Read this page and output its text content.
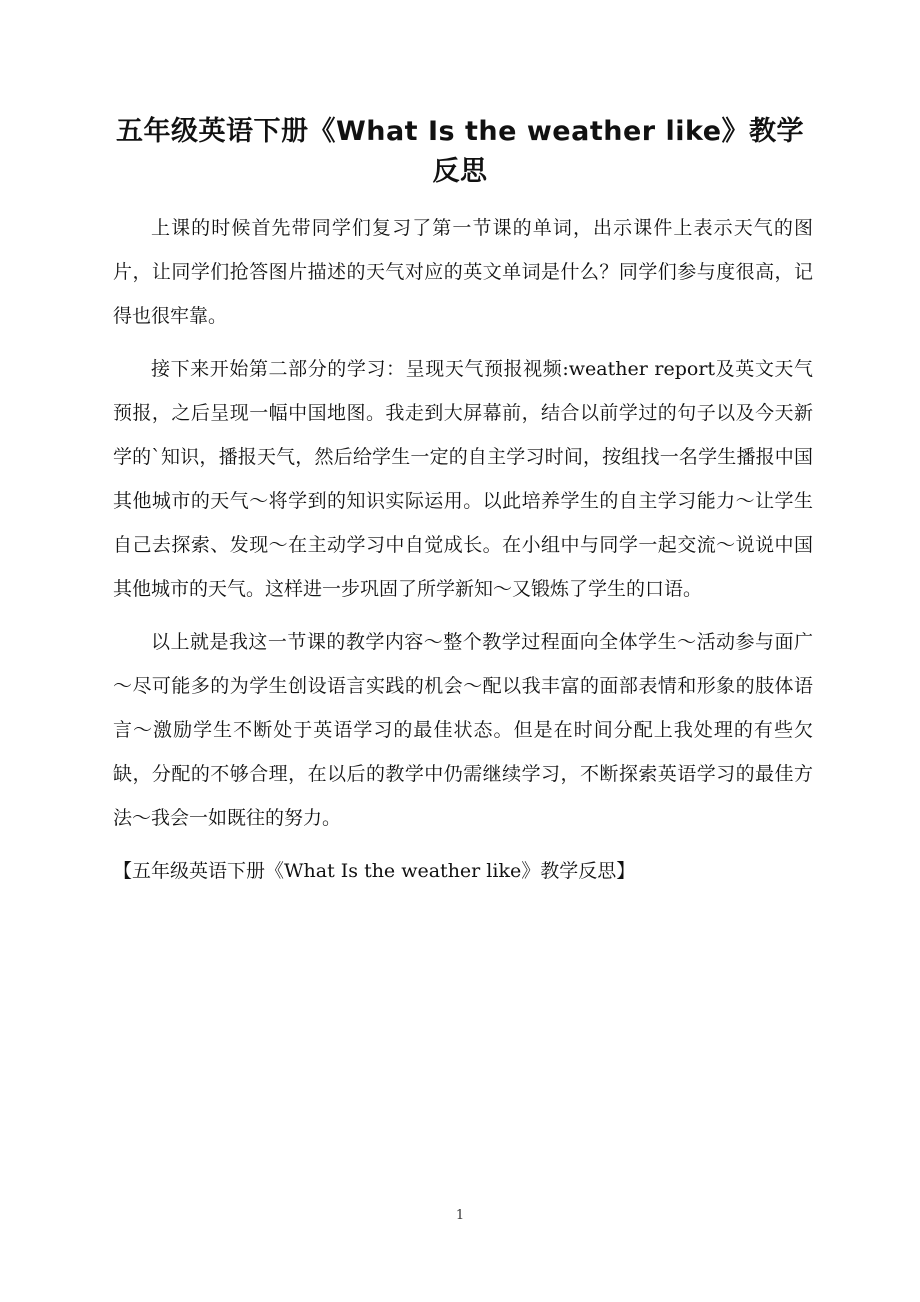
五年级英语下册《What Is the weather like》教学反思

上课的时候首先带同学们复习了第一节课的单词，出示课件上表示天气的图片，让同学们抢答图片描述的天气对应的英文单词是什么？同学们参与度很高，记得也很牢靠。

接下来开始第二部分的学习：呈现天气预报视频:weather report及英文天气预报，之后呈现一幅中国地图。我走到大屏幕前，结合以前学过的句子以及今天新学的`知识，播报天气，然后给学生一定的自主学习时间，按组找一名学生播报中国其他城市的天气～将学到的知识实际运用。以此培养学生的自主学习能力～让学生自己去探索、发现～在主动学习中自觉成长。在小组中与同学一起交流～说说中国其他城市的天气。这样进一步巩固了所学新知～又锻炼了学生的口语。

以上就是我这一节课的教学内容～整个教学过程面向全体学生～活动参与面广～尽可能多的为学生创设语言实践的机会～配以我丰富的面部表情和形象的肢体语言～激励学生不断处于英语学习的最佳状态。但是在时间分配上我处理的有些欠缺，分配的不够合理，在以后的教学中仍需继续学习，不断探索英语学习的最佳方法～我会一如既往的努力。

【五年级英语下册《What Is the weather like》教学反思】

1
